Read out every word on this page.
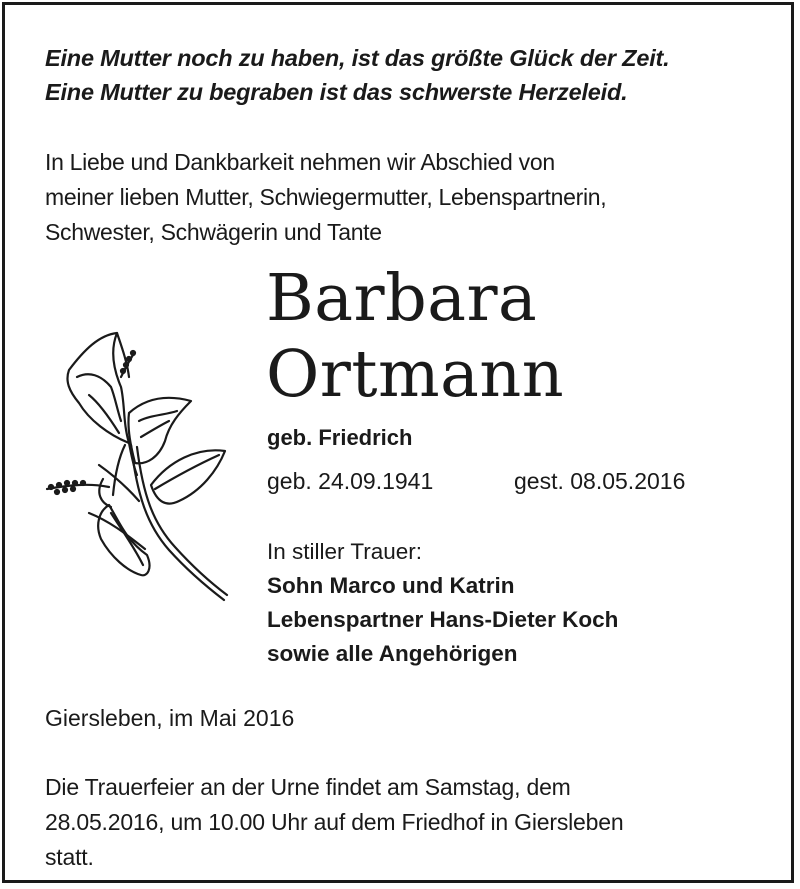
Eine Mutter noch zu haben, ist das größte Glück der Zeit.
Eine Mutter zu begraben ist das schwerste Herzeleid.
In Liebe und Dankbarkeit nehmen wir Abschied von
meiner lieben Mutter, Schwiegermutter, Lebenspartnerin,
Schwester, Schwägerin und Tante
Barbara
Ortmann
geb. Friedrich
geb. 24.09.1941	gest. 08.05.2016
In stiller Trauer:
Sohn Marco und Katrin
Lebenspartner Hans-Dieter Koch
sowie alle Angehörigen
Giersleben, im Mai 2016
Die Trauerfeier an der Urne findet am Samstag, dem
28.05.2016, um 10.00 Uhr auf dem Friedhof in Giersleben
statt.
